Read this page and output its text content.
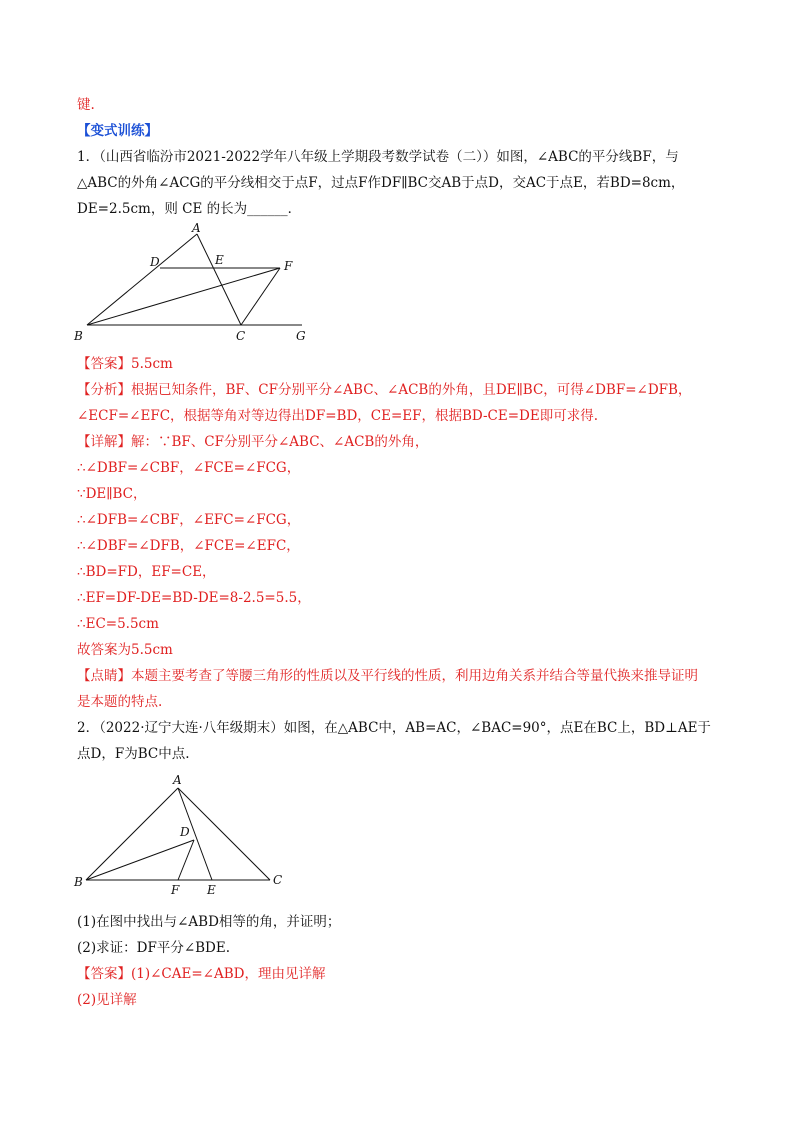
键.
【变式训练】
1．（山西省临汾市2021-2022学年八年级上学期段考数学试卷（二））如图，∠ABC的平分线BF，与
△ABC的外角∠ACG的平分线相交于点F，过点F作DF∥BC交AB于点D，交AC于点E，若BD=8cm，
DE=2.5cm，则 CE 的长为______．
A
D	E	F
B	C	G
【答案】5.5cm
【分析】根据已知条件，BF、CF分别平分∠ABC、∠ACB的外角，且DE∥BC，可得∠DBF=∠DFB，
∠ECF=∠EFC，根据等角对等边得出DF=BD，CE=EF，根据BD-CE=DE即可求得.
【详解】解：∵BF、CF分别平分∠ABC、∠ACB的外角，
∴∠DBF=∠CBF，∠FCE=∠FCG，
∵DE∥BC，
∴∠DFB=∠CBF，∠EFC=∠FCG，
∴∠DBF=∠DFB，∠FCE=∠EFC，
∴BD=FD，EF=CE，
∴EF=DF-DE=BD-DE=8-2.5=5.5，
∴EC=5.5cm
故答案为5.5cm
【点睛】本题主要考查了等腰三角形的性质以及平行线的性质，利用边角关系并结合等量代换来推导证明
是本题的特点.
2．（2022·辽宁大连·八年级期末）如图，在△ABC中，AB=AC，∠BAC=90°，点E在BC上，BD⊥AE于
点D，F为BC中点.
A
D
B
F E
C
(1)在图中找出与∠ABD相等的角，并证明；
(2)求证：DF平分∠BDE.
【答案】(1)∠CAE=∠ABD，理由见详解
(2)见详解
